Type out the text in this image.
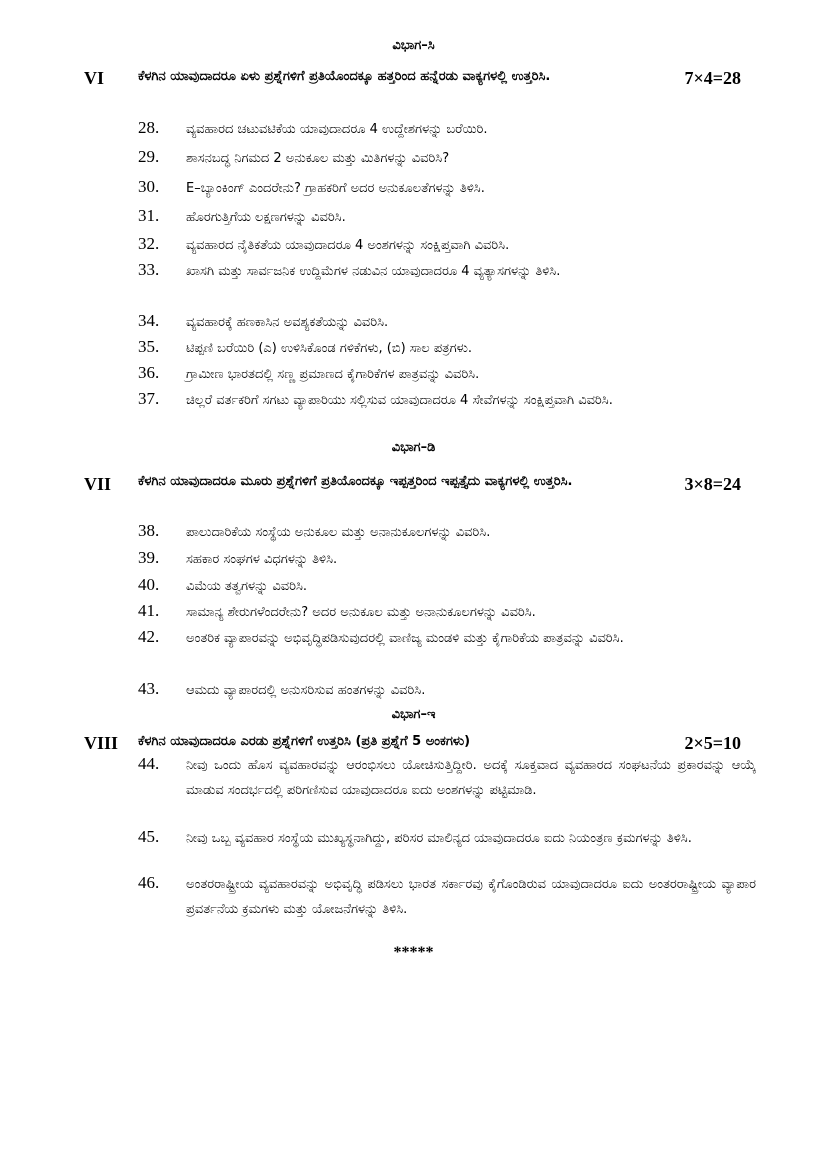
ವಿಭಾಗ–ಸಿ
VI	ಕೆಳಗಿನ ಯಾವುದಾದರೂ ಏಳು ಪ್ರಶ್ನೆಗಳಿಗೆ ಪ್ರತಿಯೊಂದಕ್ಕೂ ಹತ್ತರಿಂದ ಹನ್ನೆರಡು ವಾಕ್ಯಗಳಲ್ಲಿ ಉತ್ತರಿಸಿ.	7×4=28
28. ವ್ಯವಹಾರದ ಚಟುವಟಿಕೆಯ ಯಾವುದಾದರೂ 4 ಉದ್ದೇಶಗಳನ್ನು ಬರೆಯಿರಿ.
29. ಶಾಸನಬದ್ಧ ನಿಗಮದ 2 ಅನುಕೂಲ ಮತ್ತು ಮಿತಿಗಳನ್ನು ವಿವರಿಸಿ?
30. E–ಬ್ಯಾಂಕಿಂಗ್ ಎಂದರೇನು? ಗ್ರಾಹಕರಿಗೆ ಅದರ ಅನುಕೂಲತೆಗಳನ್ನು ತಿಳಿಸಿ.
31. ಹೊರಗುತ್ತಿಗೆಯ ಲಕ್ಷಣಗಳನ್ನು ವಿವರಿಸಿ.
32. ವ್ಯವಹಾರದ ನೈತಿಕತೆಯ ಯಾವುದಾದರೂ 4 ಅಂಶಗಳನ್ನು ಸಂಕ್ಷಿಪ್ತವಾಗಿ ವಿವರಿಸಿ.
33. ಖಾಸಗಿ ಮತ್ತು ಸಾರ್ವಜನಿಕ ಉದ್ದಿಮೆಗಳ ನಡುವಿನ ಯಾವುದಾದರೂ 4 ವ್ಯತ್ಯಾಸಗಳನ್ನು ತಿಳಿಸಿ.
34. ವ್ಯವಹಾರಕ್ಕೆ ಹಣಕಾಸಿನ ಅವಶ್ಯಕತೆಯನ್ನು ವಿವರಿಸಿ.
35. ಟಿಪ್ಪಣಿ ಬರೆಯಿರಿ (ಎ) ಉಳಿಸಿಕೊಂಡ ಗಳಿಕೆಗಳು, (ಬಿ) ಸಾಲ ಪತ್ರಗಳು.
36. ಗ್ರಾಮೀಣ ಭಾರತದಲ್ಲಿ ಸಣ್ಣ ಪ್ರಮಾಣದ ಕೈಗಾರಿಕೆಗಳ ಪಾತ್ರವನ್ನು ವಿವರಿಸಿ.
37. ಚಿಲ್ಲರೆ ವರ್ತಕರಿಗೆ ಸಗಟು ವ್ಯಾಪಾರಿಯು ಸಲ್ಲಿಸುವ ಯಾವುದಾದರೂ 4 ಸೇವೆಗಳನ್ನು ಸಂಕ್ಷಿಪ್ತವಾಗಿ ವಿವರಿಸಿ.
ವಿಭಾಗ–ಡಿ
VII ಕೆಳಗಿನ ಯಾವುದಾದರೂ ಮೂರು ಪ್ರಶ್ನೆಗಳಿಗೆ ಪ್ರತಿಯೊಂದಕ್ಕೂ ಇಪ್ಪತ್ತರಿಂದ ಇಪ್ಪತ್ತೈದು ವಾಕ್ಯಗಳಲ್ಲಿ ಉತ್ತರಿಸಿ.	3×8=24
38. ಪಾಲುದಾರಿಕೆಯ ಸಂಸ್ಥೆಯ ಅನುಕೂಲ ಮತ್ತು ಅನಾನುಕೂಲಗಳನ್ನು ವಿವರಿಸಿ.
39. ಸಹಕಾರ ಸಂಘಗಳ ವಿಧಗಳನ್ನು ತಿಳಿಸಿ.
40. ವಿಮೆಯ ತತ್ವಗಳನ್ನು ವಿವರಿಸಿ.
41. ಸಾಮಾನ್ಯ ಶೇರುಗಳೆಂದರೇನು? ಅದರ ಅನುಕೂಲ ಮತ್ತು ಅನಾನುಕೂಲಗಳನ್ನು ವಿವರಿಸಿ.
42. ಅಂತರಿಕ ವ್ಯಾಪಾರವನ್ನು ಅಭಿವೃದ್ಧಿಪಡಿಸುವುದರಲ್ಲಿ ವಾಣಿಜ್ಯ ಮಂಡಳಿ ಮತ್ತು ಕೈಗಾರಿಕೆಯ ಪಾತ್ರವನ್ನು ವಿವರಿಸಿ.
43. ಆಮದು ವ್ಯಾಪಾರದಲ್ಲಿ ಅನುಸರಿಸುವ ಹಂತಗಳನ್ನು ವಿವರಿಸಿ.
ವಿಭಾಗ–ಇ
VIII ಕೆಳಗಿನ ಯಾವುದಾದರೂ ಎರಡು ಪ್ರಶ್ನೆಗಳಿಗೆ ಉತ್ತರಿಸಿ (ಪ್ರತಿ ಪ್ರಶ್ನೆಗೆ 5 ಅಂಕಗಳು)	2×5=10
44. ನೀವು ಒಂದು ಹೊಸ ವ್ಯವಹಾರವನ್ನು ಆರಂಭಿಸಲು ಯೋಚಿಸುತ್ತಿದ್ದೀರಿ. ಅದಕ್ಕೆ ಸೂಕ್ತವಾದ ವ್ಯವಹಾರದ ಸಂಘಟನೆಯ ಪ್ರಕಾರವನ್ನು ಆಯ್ಕೆ ಮಾಡುವ ಸಂದರ್ಭದಲ್ಲಿ ಪರಿಗಣಿಸುವ ಯಾವುದಾದರೂ ಐದು ಅಂಶಗಳನ್ನು ಪಟ್ಟಿಮಾಡಿ.
45. ನೀವು ಒಬ್ಬ ವ್ಯವಹಾರ ಸಂಸ್ಥೆಯ ಮುಖ್ಯಸ್ಥನಾಗಿದ್ದು, ಪರಿಸರ ಮಾಲಿನ್ಯದ ಯಾವುದಾದರೂ ಐದು ನಿಯಂತ್ರಣ ಕ್ರಮಗಳನ್ನು ತಿಳಿಸಿ.
46. ಅಂತರರಾಷ್ಟ್ರೀಯ ವ್ಯವಹಾರವನ್ನು ಅಭಿವೃದ್ಧಿ ಪಡಿಸಲು ಭಾರತ ಸರ್ಕಾರವು ಕೈಗೊಂಡಿರುವ ಯಾವುದಾದರೂ ಐದು ಅಂತರರಾಷ್ಟ್ರೀಯ ವ್ಯಾಪಾರ ಪ್ರವರ್ತನೆಯ ಕ್ರಮಗಳು ಮತ್ತು ಯೋಜನೆಗಳನ್ನು ತಿಳಿಸಿ.
*****
